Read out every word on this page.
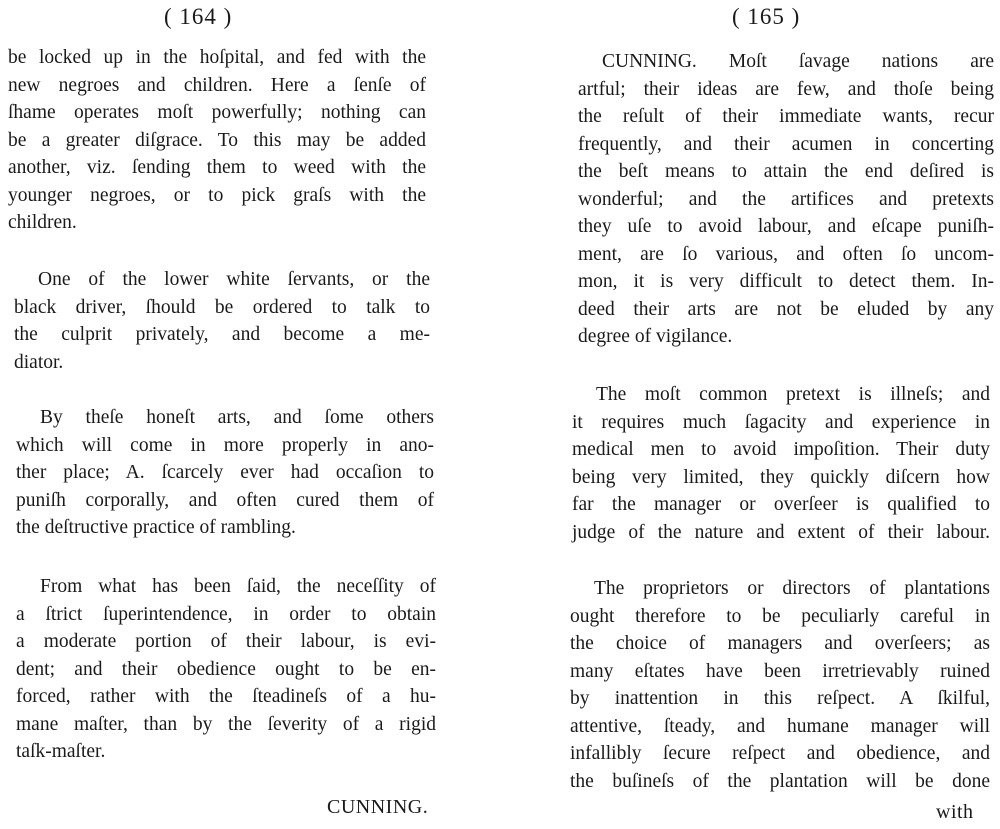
( 164 )
be locked up in the hoſpital, and fed with the
new negroes and children. Here a ſenſe of
ſhame operates moſt powerfully; nothing can
be a greater diſgrace. To this may be added
another, viz. ſending them to weed with the
younger negroes, or to pick graſs with the
children.
One of the lower white ſervants, or the
black driver, ſhould be ordered to talk to
the culprit privately, and become a me-
diator.
By theſe honeſt arts, and ſome others
which will come in more properly in ano-
ther place; A. ſcarcely ever had occaſion to
puniſh corporally, and often cured them of
the deſtructive practice of rambling.
From what has been ſaid, the neceſſity of
a ſtrict ſuperintendence, in order to obtain
a moderate portion of their labour, is evi-
dent; and their obedience ought to be en-
forced, rather with the ſteadineſs of a hu-
mane maſter, than by the ſeverity of a rigid
taſk-maſter.
CUNNING.
( 165 )
CUNNING. Moſt ſavage nations are
artful; their ideas are few, and thoſe being
the reſult of their immediate wants, recur
frequently, and their acumen in concerting
the beſt means to attain the end deſired is
wonderful; and the artifices and pretexts
they uſe to avoid labour, and eſcape puniſh-
ment, are ſo various, and often ſo uncom-
mon, it is very difficult to detect them. In-
deed their arts are not be eluded by any
degree of vigilance.
The moſt common pretext is illneſs; and
it requires much ſagacity and experience in
medical men to avoid impoſition. Their duty
being very limited, they quickly diſcern how
far the manager or overſeer is qualified to
judge of the nature and extent of their labour.
The proprietors or directors of plantations
ought therefore to be peculiarly careful in
the choice of managers and overſeers; as
many eſtates have been irretrievably ruined
by inattention in this reſpect. A ſkilful,
attentive, ſteady, and humane manager will
infallibly ſecure reſpect and obedience, and
the buſineſs of the plantation will be done
with
